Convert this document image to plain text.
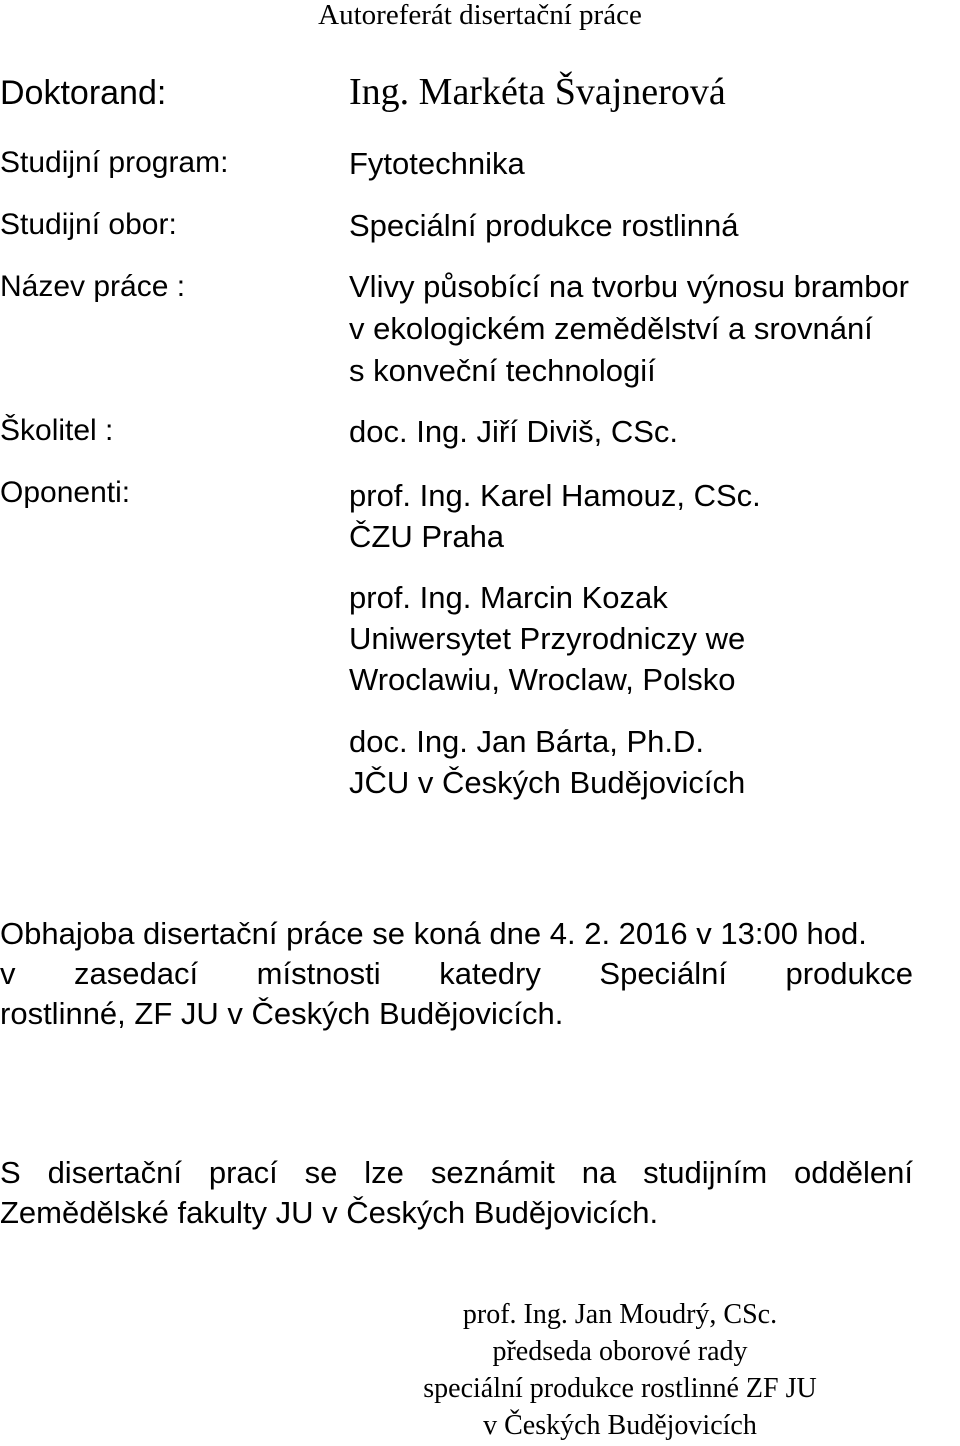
Autoreferát disertační práce
Doktorand:	Ing. Markéta Švajnerová
Studijní program:	Fytotechnika
Studijní obor:	Speciální produkce rostlinná
Název práce :	Vlivy působící na tvorbu výnosu brambor
v ekologickém zemědělství a srovnání
s konveční technologií
Školitel :	doc. Ing. Jiří Diviš, CSc.
Oponenti:	prof. Ing. Karel Hamouz, CSc.
ČZU Praha
prof. Ing. Marcin Kozak
Uniwersytet Przyrodniczy we
Wroclawiu, Wroclaw, Polsko
doc. Ing. Jan Bárta, Ph.D.
JČU v Českých Budějovicích
Obhajoba disertační práce se koná dne 4. 2. 2016 v 13:00 hod.
v zasedací místnosti katedry Speciální produkce
rostlinné, ZF JU v Českých Budějovicích.
S disertační prací se lze seznámit na studijním oddělení
Zemědělské fakulty JU v Českých Budějovicích.
prof. Ing. Jan Moudrý, CSc.
předseda oborové rady
speciální produkce rostlinné ZF JU
v Českých Budějovicích
